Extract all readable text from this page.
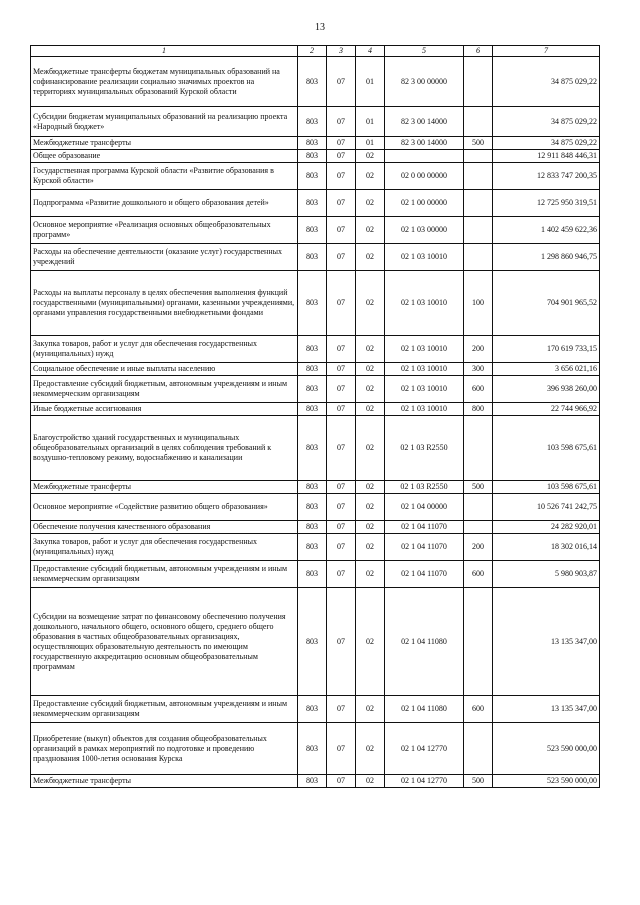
13
1	2	3	4	5	6	7
Межбюджетные трансферты бюджетам муниципальных образований на софинансирование реализации социально значимых проектов на территориях муниципальных образований Курской области	803	07	01	82 3 00 00000		34 875 029,22
Субсидии бюджетам муниципальных образований на реализацию проекта «Народный бюджет»	803	07	01	82 3 00 14000		34 875 029,22
Межбюджетные трансферты	803	07	01	82 3 00 14000	500	34 875 029,22
Общее образование	803	07	02			12 911 848 446,31
Государственная программа Курской области «Развитие образования в Курской области»	803	07	02	02 0 00 00000		12 833 747 200,35
Подпрограмма «Развитие дошкольного и общего образования детей»	803	07	02	02 1 00 00000		12 725 950 319,51
Основное мероприятие «Реализация основных общеобразовательных программ»	803	07	02	02 1 03 00000		1 402 459 622,36
Расходы на обеспечение деятельности (оказание услуг) государственных учреждений	803	07	02	02 1 03 10010		1 298 860 946,75
Расходы на выплаты персоналу в целях обеспечения выполнения функций государственными (муниципальными) органами, казенными учреждениями, органами управления государственными внебюджетными фондами	803	07	02	02 1 03 10010	100	704 901 965,52
Закупка товаров, работ и услуг для обеспечения государственных (муниципальных) нужд	803	07	02	02 1 03 10010	200	170 619 733,15
Социальное обеспечение и иные выплаты населению	803	07	02	02 1 03 10010	300	3 656 021,16
Предоставление субсидий бюджетным, автономным учреждениям и иным некоммерческим организациям	803	07	02	02 1 03 10010	600	396 938 260,00
Иные бюджетные ассигнования	803	07	02	02 1 03 10010	800	22 744 966,92
Благоустройство зданий государственных и муниципальных общеобразовательных организаций в целях соблюдения требований к воздушно-тепловому режиму, водоснабжению и канализации	803	07	02	02 1 03 R2550		103 598 675,61
Межбюджетные трансферты	803	07	02	02 1 03 R2550	500	103 598 675,61
Основное мероприятие «Содействие развитию общего образования»	803	07	02	02 1 04 00000		10 526 741 242,75
Обеспечение получения качественного образования	803	07	02	02 1 04 11070		24 282 920,01
Закупка товаров, работ и услуг для обеспечения государственных (муниципальных) нужд	803	07	02	02 1 04 11070	200	18 302 016,14
Предоставление субсидий бюджетным, автономным учреждениям и иным некоммерческим организациям	803	07	02	02 1 04 11070	600	5 980 903,87
Субсидии на возмещение затрат по финансовому обеспечению получения дошкольного, начального общего, основного общего, среднего общего образования в частных общеобразовательных организациях, осуществляющих образовательную деятельность по имеющим государственную аккредитацию основным общеобразовательным программам	803	07	02	02 1 04 11080		13 135 347,00
Предоставление субсидий бюджетным, автономным учреждениям и иным некоммерческим организациям	803	07	02	02 1 04 11080	600	13 135 347,00
Приобретение (выкуп) объектов для создания общеобразовательных организаций в рамках мероприятий по подготовке и проведению празднования 1000-летия основания Курска	803	07	02	02 1 04 12770		523 590 000,00
Межбюджетные трансферты	803	07	02	02 1 04 12770	500	523 590 000,00
